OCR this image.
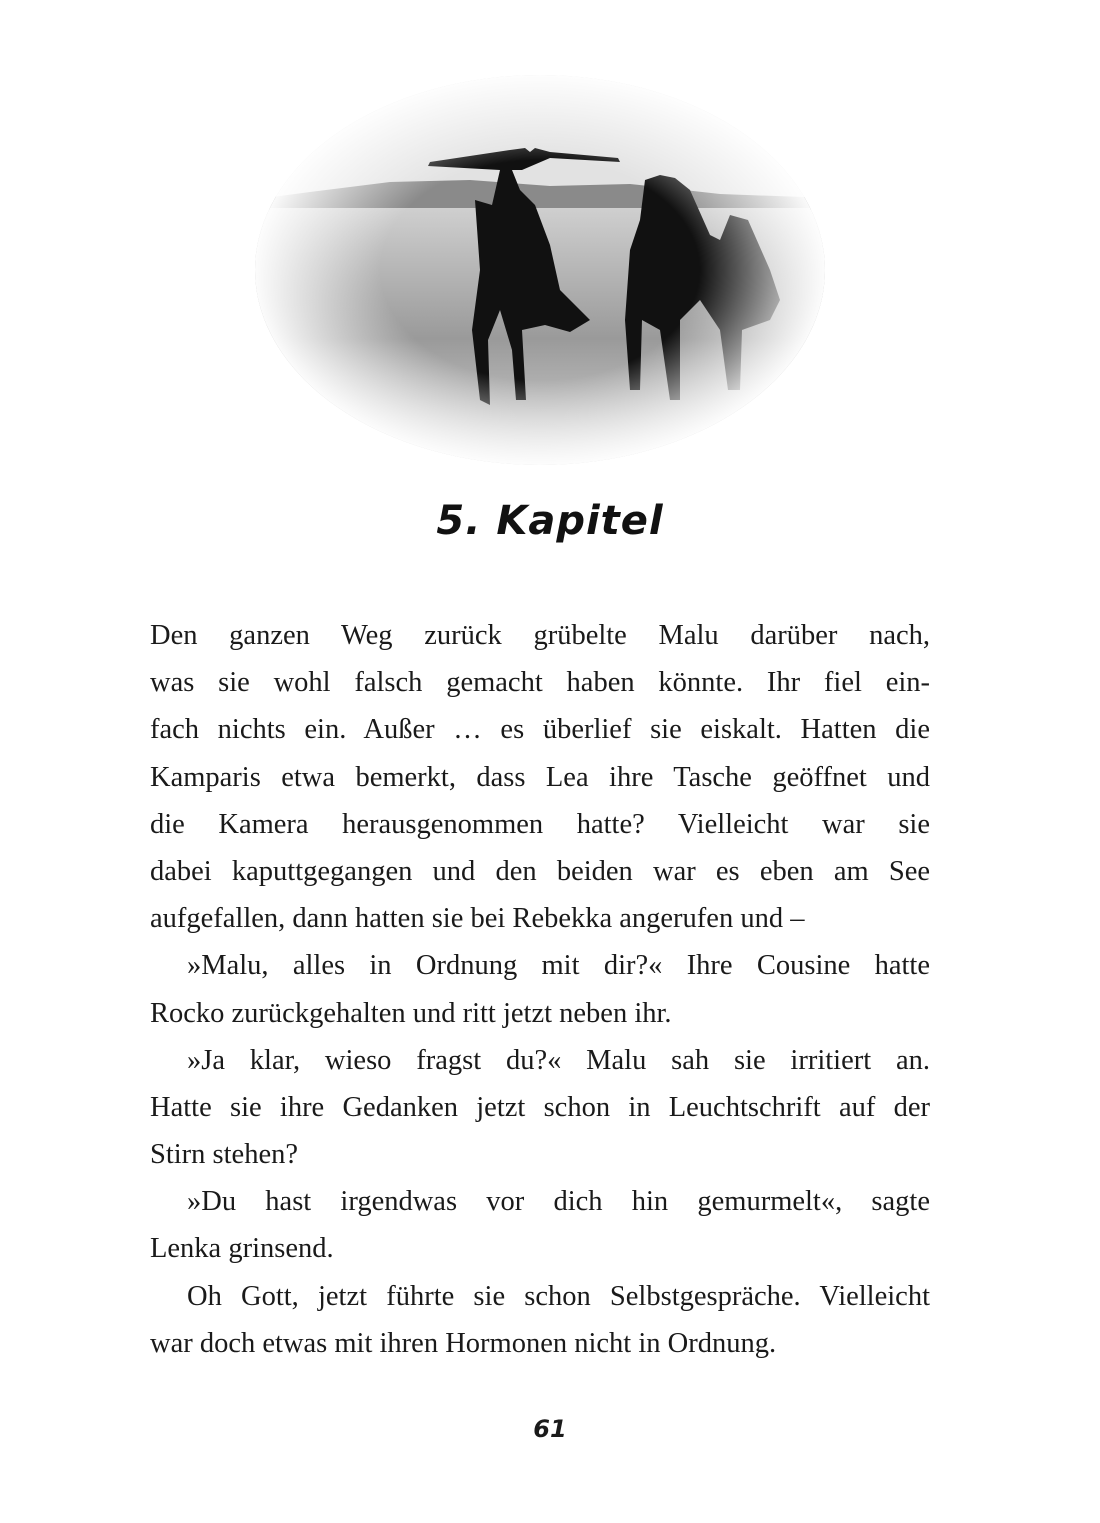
5. Kapitel
Den ganzen Weg zurück grübelte Malu darüber nach,
was sie wohl falsch gemacht haben könnte. Ihr fiel ein-
fach nichts ein. Außer … es überlief sie eiskalt. Hatten die
Kamparis etwa bemerkt, dass Lea ihre Tasche geöffnet und
die Kamera herausgenommen hatte? Vielleicht war sie
dabei kaputtgegangen und den beiden war es eben am See
aufgefallen, dann hatten sie bei Rebekka angerufen und –
»Malu, alles in Ordnung mit dir?« Ihre Cousine hatte
Rocko zurückgehalten und ritt jetzt neben ihr.
»Ja klar, wieso fragst du?« Malu sah sie irritiert an.
Hatte sie ihre Gedanken jetzt schon in Leuchtschrift auf der
Stirn stehen?
»Du hast irgendwas vor dich hin gemurmelt«, sagte
Lenka grinsend.
Oh Gott, jetzt führte sie schon Selbstgespräche. Vielleicht
war doch etwas mit ihren Hormonen nicht in Ordnung.
61
